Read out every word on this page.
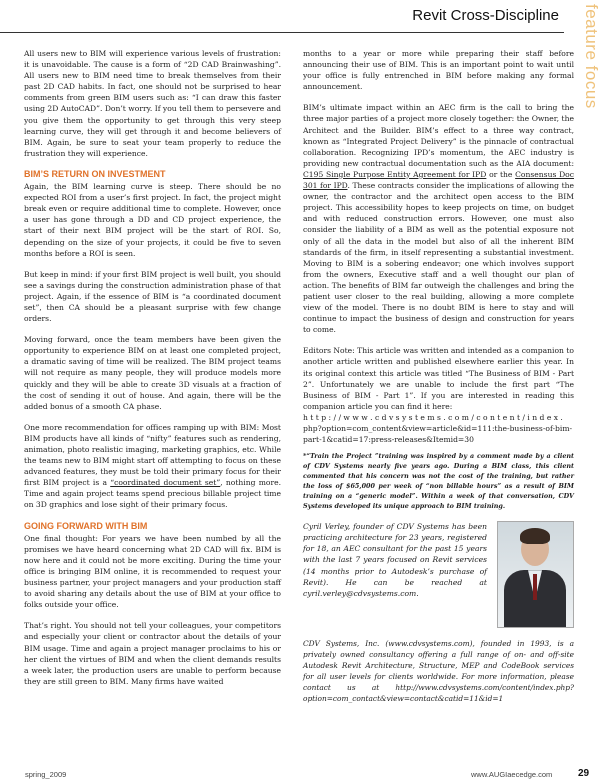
Revit Cross-Discipline	feature focus

All users new to BIM will experience various levels of frustration: it is unavoidable. The cause is a form of “2D CAD Brainwashing”. All users new to BIM need time to break themselves from their past 2D CAD habits. In fact, one should not be surprised to hear comments from green BIM users such as: “I can draw this faster using 2D AutoCAD”. Don’t worry. If you tell them to persevere and you give them the opportunity to get through this very steep learning curve, they will get through it and become believers of BIM. Again, be sure to seat your team properly to reduce the frustration they will experience.

BIM’S RETURN ON INVESTMENT

Again, the BIM learning curve is steep. There should be no expected ROI from a user’s first project. In fact, the project might break even or require additional time to complete. However, once a user has gone through a DD and CD project experience, the start of their next BIM project will be the start of ROI. So, depending on the size of your projects, it could be five to seven months before a ROI is seen.

But keep in mind: if your first BIM project is well built, you should see a savings during the construction administration phase of that project. Again, if the essence of BIM is “a coordinated document set”, then CA should be a pleasant surprise with few change orders.

Moving forward, once the team members have been given the opportunity to experience BIM on at least one completed project, a dramatic saving of time will be realized. The BIM project teams will not require as many people, they will produce models more quickly and they will be able to create 3D visuals at a fraction of the cost of sending it out of house. And again, there will be the added bonus of a smooth CA phase.

One more recommendation for offices ramping up with BIM: Most BIM products have all kinds of “nifty” features such as rendering, animation, photo realistic imaging, marketing graphics, etc. While the teams new to BIM might start off attempting to focus on these advanced features, they must be told their primary focus for their first BIM project is a “coordinated document set”, nothing more. Time and again project teams spend precious billable project time on 3D graphics and lose sight of their primary focus.

GOING FORWARD WITH BIM

One final thought: For years we have been numbed by all the promises we have heard concerning what 2D CAD will fix. BIM is now here and it could not be more exciting. During the time your office is bringing BIM online, it is recommended to request your business partner, your project managers and your production staff to avoid sharing any details about the use of BIM at your office to folks outside your office.

That’s right. You should not tell your colleagues, your competitors and especially your client or contractor about the details of your BIM usage. Time and again a project manager proclaims to his or her client the virtues of BIM and when the client demands results a week later, the production users are unable to perform because they are still green to BIM. Many firms have waited

months to a year or more while preparing their staff before announcing their use of BIM. This is an important point to wait until your office is fully entrenched in BIM before making any formal announcement.

BIM’s ultimate impact within an AEC firm is the call to bring the three major parties of a project more closely together: the Owner, the Architect and the Builder. BIM’s effect to a three way contract, known as “Integrated Project Delivery” is the pinnacle of contractual collaboration. Recognizing IPD’s momentum, the AEC industry is providing new contractual documentation such as the AIA document: C195 Single Purpose Entity Agreement for IPD or the Consensus Doc 301 for IPD. These contracts consider the implications of allowing the owner, the contractor and the architect open access to the BIM project. This accessibility hopes to keep projects on time, on budget and with reduced construction errors. However, one must also consider the liability of a BIM as well as the potential exposure not only of all the data in the model but also of all the inherent BIM standards of the firm, in itself representing a substantial investment. Moving to BIM is a sobering endeavor; one which involves support from the owners, Executive staff and a well thought our plan of action. The benefits of BIM far outweigh the challenges and bring the patient user closer to the real building, allowing a more complete view of the model. There is no doubt BIM is here to stay and will continue to impact the business of design and construction for years to come.

Editors Note: This article was written and intended as a companion to another article written and published elsewhere earlier this year. In its original context this article was titled “The Business of BIM - Part 2”. Unfortunately we are unable to include the first part “The Business of BIM - Part 1”. If you are interested in reading this companion article you can find it here:
h t t p : / / w w w . c d v s y s t e m s . c o m / c o n t e n t / i n d e x .
php?option=com_content&view=article&id=111:the-business-of-bim-part-1&catid=17:press-releases&Itemid=30

*“Train the Project ”training was inspired by a comment made by a client of CDV Systems nearly five years ago. During a BIM class, this client commented that his concern was not the cost of the training, but rather the loss of $65,000 per week of “non billable hours” as a result of BIM training on a “generic model”. Within a week of that conversation, CDV Systems developed its unique approach to BIM training.

Cyril Verley, founder of CDV Systems has been practicing architecture for 23 years, registered for 18, an AEC consultant for the past 15 years with the last 7 years focused on Revit services (14 months prior to Autodesk’s purchase of Revit). He can be reached at cyril.verley@cdvsystems.com.
CDV Systems, Inc. (www.cdvsystems.com), founded in 1993, is a privately owned consultancy offering a full range of on- and off-site Autodesk Revit Architecture, Structure, MEP and CodeBook services for all user levels for clients worldwide. For more information, please contact us at http://www.cdvsystems.com/content/index.php?option=com_contact&view=contact&catid=11&id=1
spring_2009	www.AUGIaecedge.com	29
